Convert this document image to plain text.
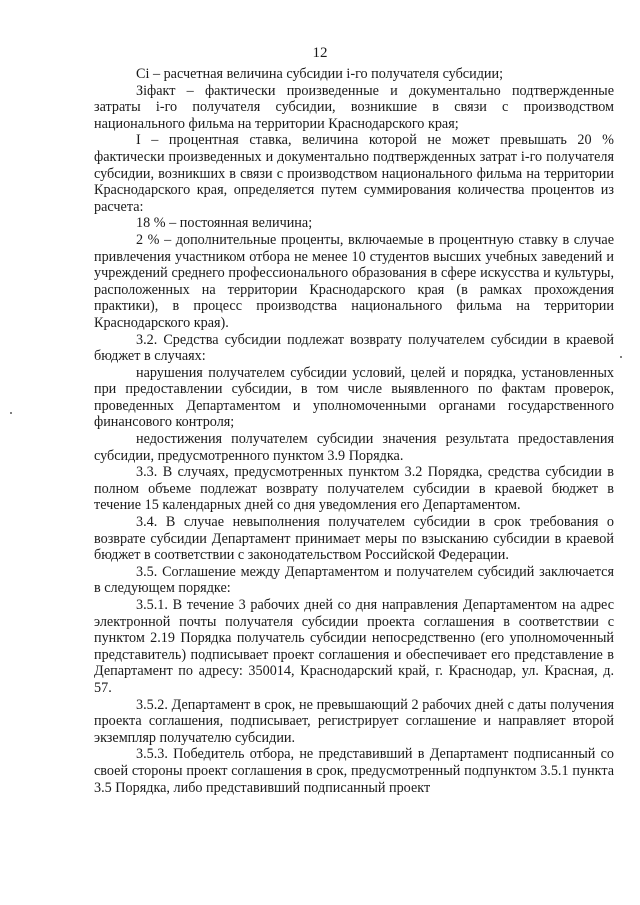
12

Ci – расчетная величина субсидии i-го получателя субсидии;

Зiфакт – фактически произведенные и документально подтвержденные затраты i-го получателя субсидии, возникшие в связи с производством национального фильма на территории Краснодарского края;

I – процентная ставка, величина которой не может превышать 20 % фактически произведенных и документально подтвержденных затрат i-го получателя субсидии, возникших в связи с производством национального фильма на территории Краснодарского края, определяется путем суммирования количества процентов из расчета:

18 % – постоянная величина;

2 % – дополнительные проценты, включаемые в процентную ставку в случае привлечения участником отбора не менее 10 студентов высших учебных заведений и учреждений среднего профессионального образования в сфере искусства и культуры, расположенных на территории Краснодарского края (в рамках прохождения практики), в процесс производства национального фильма на территории Краснодарского края).

3.2. Средства субсидии подлежат возврату получателем субсидии в краевой бюджет в случаях:

нарушения получателем субсидии условий, целей и порядка, установленных при предоставлении субсидии, в том числе выявленного по фактам проверок, проведенных Департаментом и уполномоченными органами государственного финансового контроля;

недостижения получателем субсидии значения результата предоставления субсидии, предусмотренного пунктом 3.9 Порядка.

3.3. В случаях, предусмотренных пунктом 3.2 Порядка, средства субсидии в полном объеме подлежат возврату получателем субсидии в краевой бюджет в течение 15 календарных дней со дня уведомления его Департаментом.

3.4. В случае невыполнения получателем субсидии в срок требования о возврате субсидии Департамент принимает меры по взысканию субсидии в краевой бюджет в соответствии с законодательством Российской Федерации.

3.5. Соглашение между Департаментом и получателем субсидий заключается в следующем порядке:

3.5.1. В течение 3 рабочих дней со дня направления Департаментом на адрес электронной почты получателя субсидии проекта соглашения в соответствии с пунктом 2.19 Порядка получатель субсидии непосредственно (его уполномоченный представитель) подписывает проект соглашения и обеспечивает его представление в Департамент по адресу: 350014, Краснодарский край, г. Краснодар, ул. Красная, д. 57.

3.5.2. Департамент в срок, не превышающий 2 рабочих дней с даты получения проекта соглашения, подписывает, регистрирует соглашение и направляет второй экземпляр получателю субсидии.

3.5.3. Победитель отбора, не представивший в Департамент подписанный со своей стороны проект соглашения в срок, предусмотренный подпунктом 3.5.1 пункта 3.5 Порядка, либо представивший подписанный проект
